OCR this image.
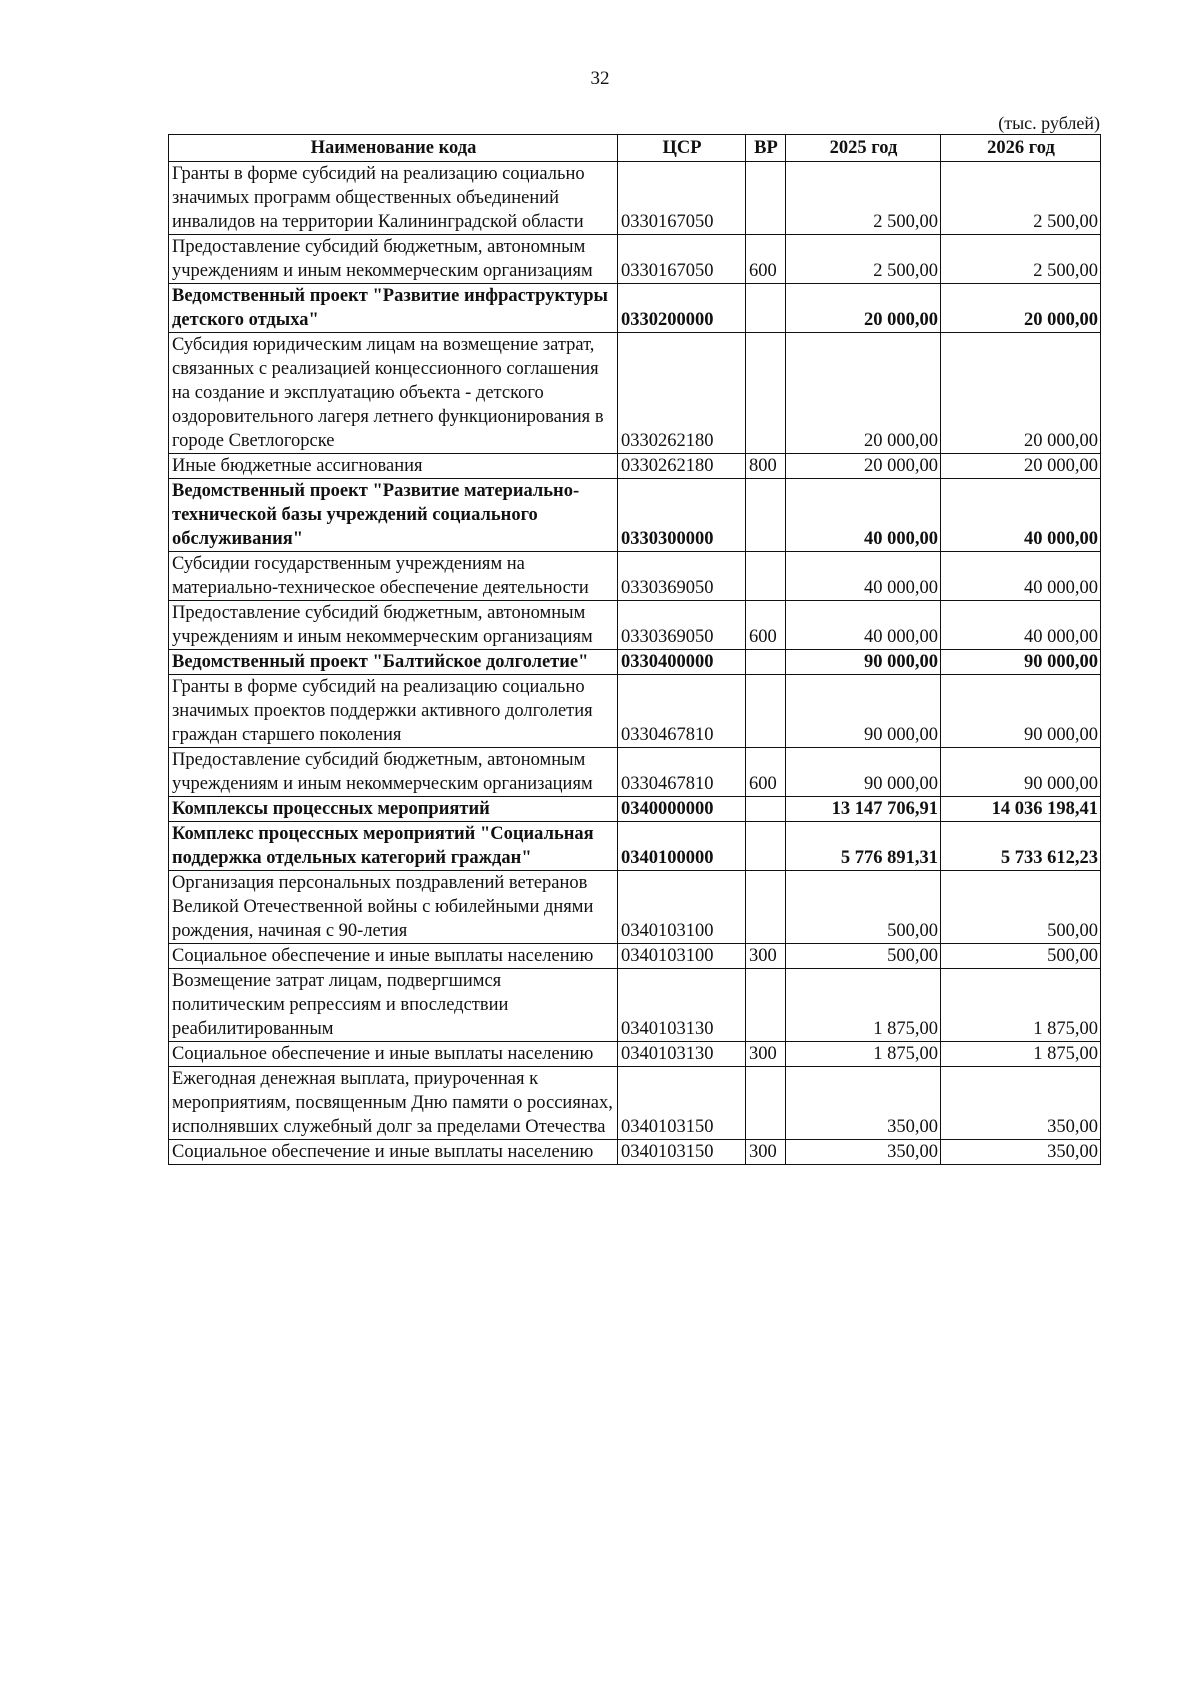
32
(тыс. рублей)
Наименование кода	ЦСР	ВР	2025 год	2026 год
Гранты в форме субсидий на реализацию социально значимых программ общественных объединений инвалидов на территории Калининградской области	0330167050		2 500,00	2 500,00
Предоставление субсидий бюджетным, автономным учреждениям и иным некоммерческим организациям	0330167050	600	2 500,00	2 500,00
Ведомственный проект "Развитие инфраструктуры детского отдыха"	0330200000		20 000,00	20 000,00
Субсидия юридическим лицам на возмещение затрат, связанных с реализацией концессионного соглашения на создание и эксплуатацию объекта - детского оздоровительного лагеря летнего функционирования в городе Светлогорске	0330262180		20 000,00	20 000,00
Иные бюджетные ассигнования	0330262180	800	20 000,00	20 000,00
Ведомственный проект "Развитие материально-технической базы учреждений социального обслуживания"	0330300000		40 000,00	40 000,00
Субсидии государственным учреждениям на материально-техническое обеспечение деятельности	0330369050		40 000,00	40 000,00
Предоставление субсидий бюджетным, автономным учреждениям и иным некоммерческим организациям	0330369050	600	40 000,00	40 000,00
Ведомственный проект "Балтийское долголетие"	0330400000		90 000,00	90 000,00
Гранты в форме субсидий на реализацию социально значимых проектов поддержки активного долголетия граждан старшего поколения	0330467810		90 000,00	90 000,00
Предоставление субсидий бюджетным, автономным учреждениям и иным некоммерческим организациям	0330467810	600	90 000,00	90 000,00
Комплексы процессных мероприятий	0340000000		13 147 706,91	14 036 198,41
Комплекс процессных мероприятий "Социальная поддержка отдельных категорий граждан"	0340100000		5 776 891,31	5 733 612,23
Организация персональных поздравлений ветеранов Великой Отечественной войны с юбилейными днями рождения, начиная с 90-летия	0340103100		500,00	500,00
Социальное обеспечение и иные выплаты населению	0340103100	300	500,00	500,00
Возмещение затрат лицам, подвергшимся политическим репрессиям и впоследствии реабилитированным	0340103130		1 875,00	1 875,00
Социальное обеспечение и иные выплаты населению	0340103130	300	1 875,00	1 875,00
Ежегодная денежная выплата, приуроченная к мероприятиям, посвященным Дню памяти о россиянах, исполнявших служебный долг за пределами Отечества	0340103150		350,00	350,00
Социальное обеспечение и иные выплаты населению	0340103150	300	350,00	350,00
